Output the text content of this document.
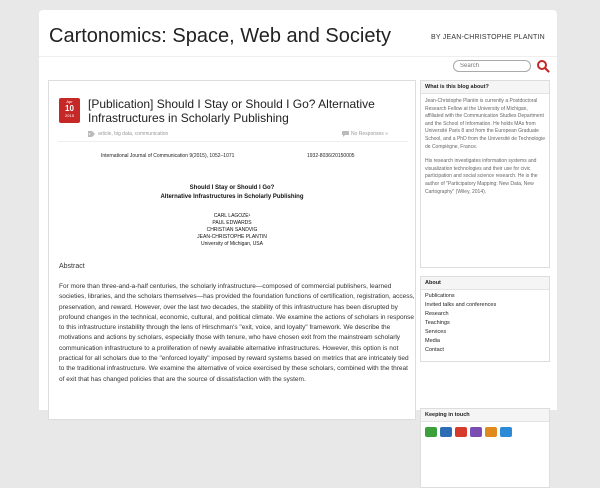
Cartonomics: Space, Web and Society	BY JEAN-CHRISTOPHE PLANTIN
Search
Apr
10
2015
[Publication] Should I Stay or Should I Go? Alternative Infrastructures in Scholarly Publishing
article, big data, communication	No Responses »
International Journal of Communication 9(2015), 1052–1071	1932-8036/20150005
Should I Stay or Should I Go?
Alternative Infrastructures in Scholarly Publishing
CARL LAGOZE¹
PAUL EDWARDS
CHRISTIAN SANDVIG
JEAN-CHRISTOPHE PLANTIN
University of Michigan, USA
Abstract
For more than three-and-a-half centuries, the scholarly infrastructure—composed of commercial publishers, learned societies, libraries, and the scholars themselves—has provided the foundation functions of certification, registration, access, preservation, and reward. However, over the last two decades, the stability of this infrastructure has been disrupted by profound changes in the technical, economic, cultural, and political climate. We examine the actions of scholars in response to this infrastructure instability through the lens of Hirschman's "exit, voice, and loyalty" framework. We describe the motivations and actions by scholars, especially those with tenure, who have chosen exit from the mainstream scholarly communication infrastructure to a proliferation of newly available alternative infrastructures. However, this option is not practical for all scholars due to the "enforced loyalty" imposed by reward systems based on metrics that are intricately tied to the traditional infrastructure. We examine the alternative of voice exercised by these scholars, combined with the threat of exit that has changed policies that are the source of dissatisfaction with the system.
What is this blog about?

Jean-Christophe Plantin is currently a Postdoctoral Research Fellow at the University of Michigan, affiliated with the Communication Studies Department and the School of Information. He holds MAs from Université Paris 8 and from the European Graduate School, and a PhD from the Université de Technologie de Compiègne, France.

His research investigates information systems and visualization technologies and their use for civic participation and social science research. He is the author of "Participatory Mapping: New Data, New Cartography" (Wiley, 2014).

About
Publications
Invited talks and conferences
Research
Teachings
Services
Media
Contact
Keeping in touch
